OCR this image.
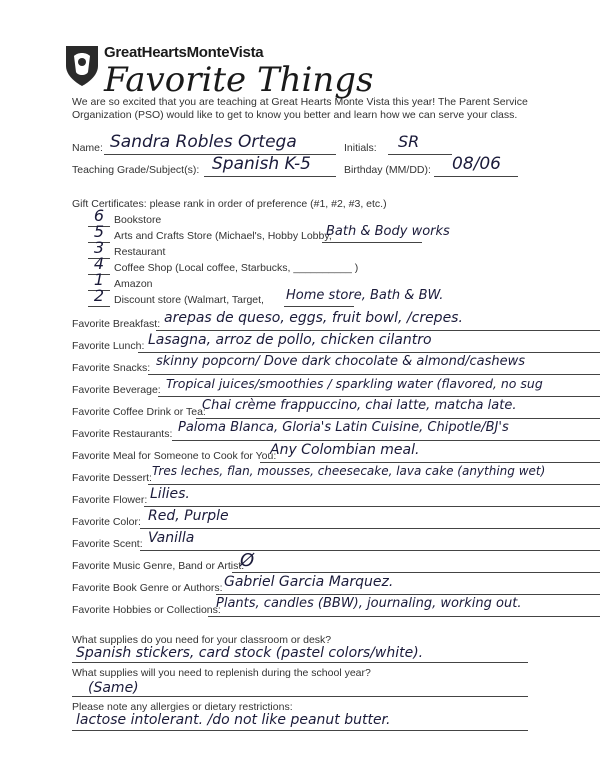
GreatHeartsMonteVista
Favorite Things
We are so excited that you are teaching at Great Hearts Monte Vista this year! The Parent Service Organization (PSO) would like to get to know you better and learn how we can serve your class.
Name: Sandra Robles Ortega	Initials: SR
Teaching Grade/Subject(s): Spanish K-5	Birthday (MM/DD): 08/06
Gift Certificates: please rank in order of preference (#1, #2, #3, etc.)
6 Bookstore
5 Arts and Crafts Store (Michael's, Hobby Lobby,
Bath & Body works
3 Restaurant
4 Coffee Shop (Local coffee, Starbucks, __________ )
1 Amazon
2 Discount store (Walmart, Target, Home store, Bath & BW.
Favorite Breakfast: arepas de queso, eggs, fruit bowl, /crepes.
Favorite Lunch: Lasagna, arroz de pollo, chicken cilantro
Favorite Snacks: skinny popcorn/ Dove dark chocolate & almond/cashews
Favorite Beverage: Tropical juices/smoothies / sparkling water (flavored, no sug
Favorite Coffee Drink or Tea:
Chai crème frappuccino, chai latte, matcha late.
Favorite Restaurants: Paloma Blanca, Gloria's Latin Cuisine, Chipotle/BJ's
Favorite Meal for Someone to Cook for You:
Any Colombian meal.
Favorite Dessert: Tres leches, flan, mousses, cheesecake, lava cake (anything wet)
Favorite Flower: Lilies.
Favorite Color: Red, Purple
Favorite Scent: Vanilla
Favorite Music Genre, Band or Artist:
Ø
Favorite Book Genre or Authors: Gabriel Garcia Marquez.
Favorite Hobbies or Collections:
Plants, candles (BBW), journaling, working out.
What supplies do you need for your classroom or desk?
Spanish stickers, card stock (pastel colors/white).
What supplies will you need to replenish during the school year?
(Same)
Please note any allergies or dietary restrictions:
lactose intolerant. /do not like peanut butter.
